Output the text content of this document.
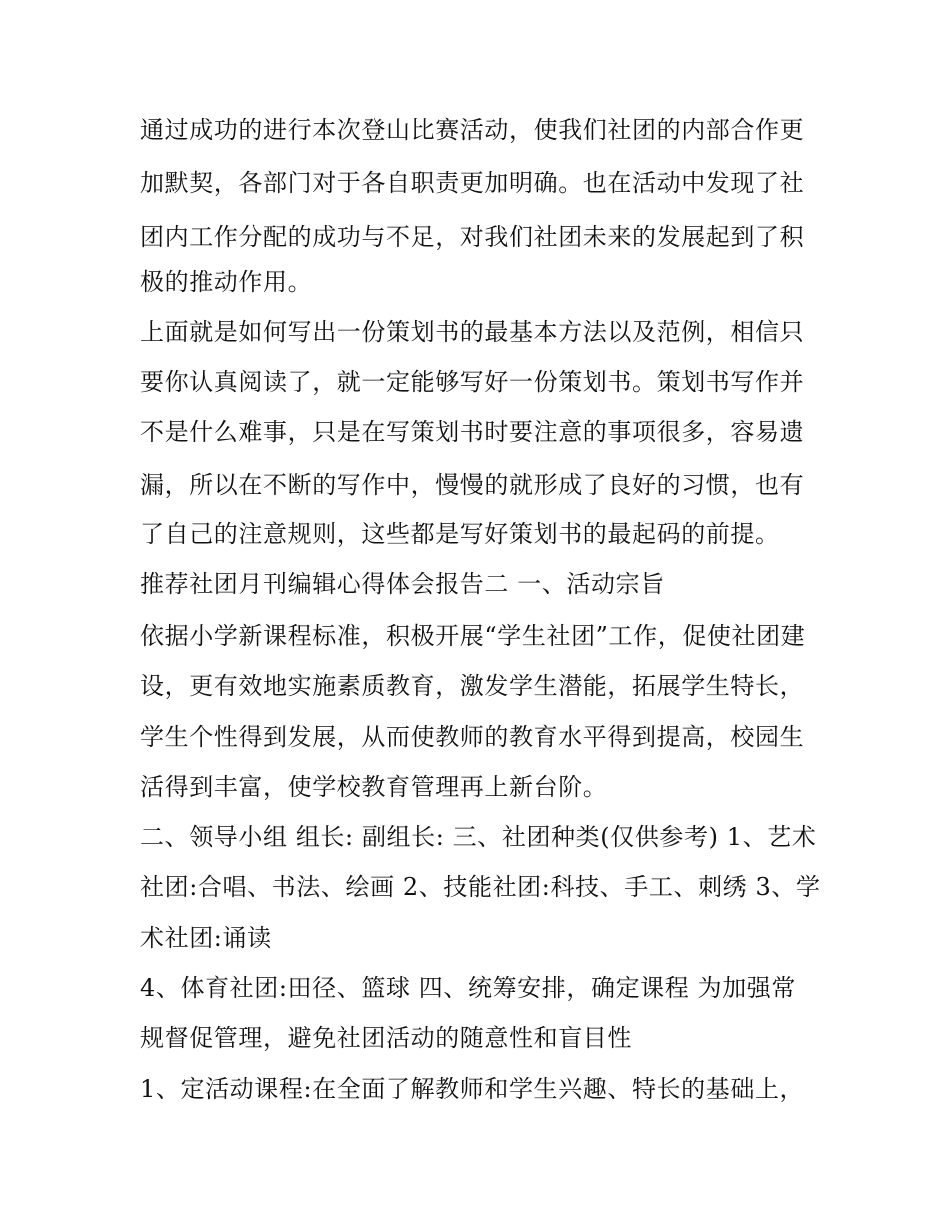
通过成功的进行本次登山比赛活动，使我们社团的内部合作更
加默契，各部门对于各自职责更加明确。也在活动中发现了社
团内工作分配的成功与不足，对我们社团未来的发展起到了积
极的推动作用。
上面就是如何写出一份策划书的最基本方法以及范例，相信只
要你认真阅读了，就一定能够写好一份策划书。策划书写作并
不是什么难事，只是在写策划书时要注意的事项很多，容易遗
漏，所以在不断的写作中，慢慢的就形成了良好的习惯，也有
了自己的注意规则，这些都是写好策划书的最起码的前提。
推荐社团月刊编辑心得体会报告二 一、活动宗旨
依据小学新课程标准，积极开展“学生社团”工作，促使社团建
设，更有效地实施素质教育，激发学生潜能，拓展学生特长，
学生个性得到发展，从而使教师的教育水平得到提高，校园生
活得到丰富，使学校教育管理再上新台阶。
二、领导小组 组长: 副组长: 三、社团种类(仅供参考) 1、艺术
社团:合唱、书法、绘画 2、技能社团:科技、手工、刺绣 3、学
术社团:诵读
4、体育社团:田径、篮球 四、统筹安排，确定课程 为加强常
规督促管理，避免社团活动的随意性和盲目性
1、定活动课程:在全面了解教师和学生兴趣、特长的基础上，
